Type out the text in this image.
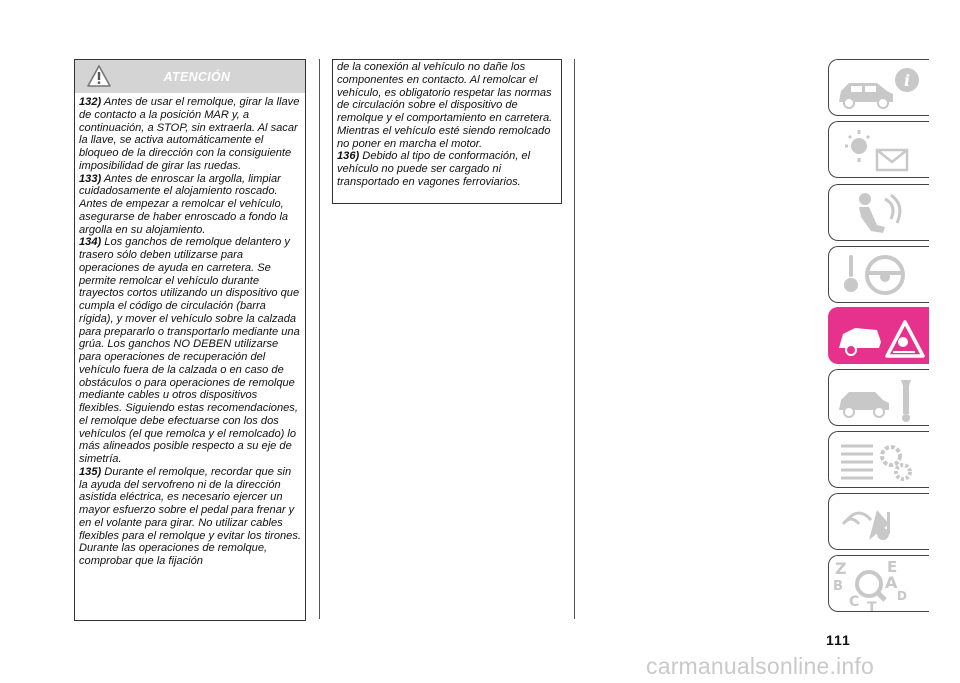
ATENCIÓN

132) Antes de usar el remolque, girar la llave de contacto a la posición MAR y, a continuación, a STOP, sin extraerla. Al sacar la llave, se activa automáticamente el bloqueo de la dirección con la consiguiente imposibilidad de girar las ruedas.

133) Antes de enroscar la argolla, limpiar cuidadosamente el alojamiento roscado. Antes de empezar a remolcar el vehículo, asegurarse de haber enroscado a fondo la argolla en su alojamiento.

134) Los ganchos de remolque delantero y trasero sólo deben utilizarse para operaciones de ayuda en carretera. Se permite remolcar el vehículo durante trayectos cortos utilizando un dispositivo que cumpla el código de circulación (barra rígida), y mover el vehículo sobre la calzada para prepararlo o transportarlo mediante una grúa. Los ganchos NO DEBEN utilizarse para operaciones de recuperación del vehículo fuera de la calzada o en caso de obstáculos o para operaciones de remolque mediante cables u otros dispositivos flexibles. Siguiendo estas recomendaciones, el remolque debe efectuarse con los dos vehículos (el que remolca y el remolcado) lo más alineados posible respecto a su eje de simetría.

135) Durante el remolque, recordar que sin la ayuda del servofreno ni de la dirección asistida eléctrica, es necesario ejercer un mayor esfuerzo sobre el pedal para frenar y en el volante para girar. No utilizar cables flexibles para el remolque y evitar los tirones. Durante las operaciones de remolque, comprobar que la fijación

de la conexión al vehículo no dañe los componentes en contacto. Al remolcar el vehículo, es obligatorio respetar las normas de circulación sobre el dispositivo de remolque y el comportamiento en carretera. Mientras el vehículo esté siendo remolcado no poner en marcha el motor.

136) Debido al tipo de conformación, el vehículo no puede ser cargado ni transportado en vagones ferroviarios.

i
Z	E
B	A
C	D
T
111
carmanualsonline.info
